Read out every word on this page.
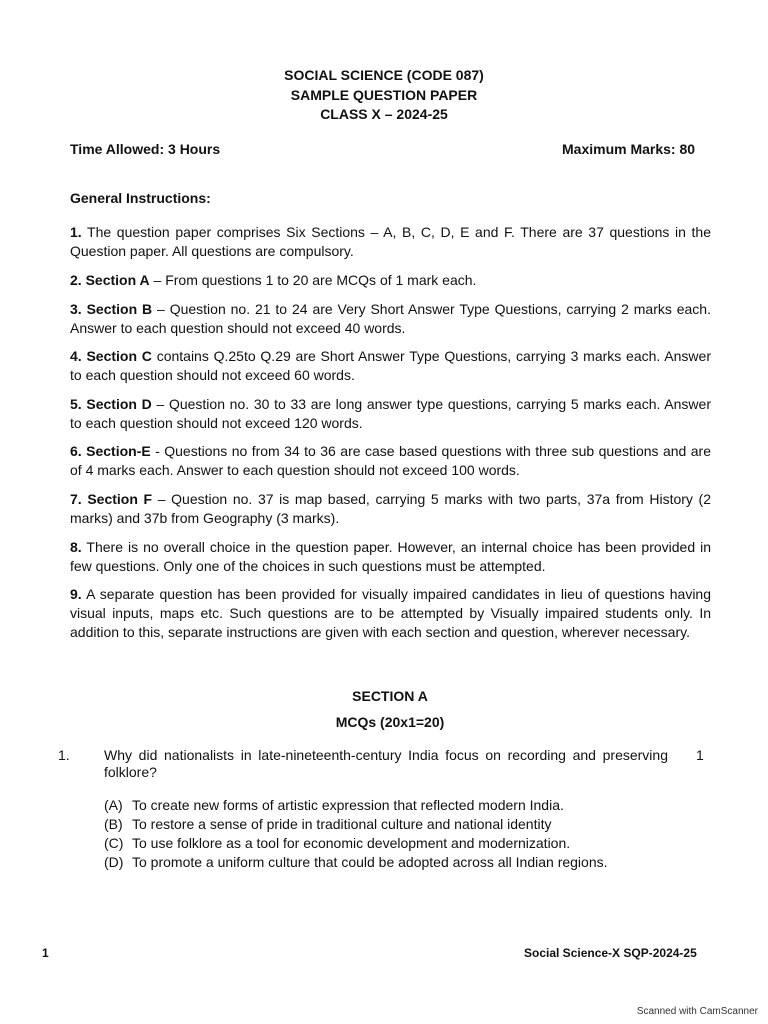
SOCIAL SCIENCE (CODE 087)
SAMPLE QUESTION PAPER
CLASS X – 2024-25
Time Allowed: 3 Hours	Maximum Marks: 80
General Instructions:
1. The question paper comprises Six Sections – A, B, C, D, E and F. There are 37 questions in the Question paper. All questions are compulsory.
2. Section A – From questions 1 to 20 are MCQs of 1 mark each.
3. Section B – Question no. 21 to 24 are Very Short Answer Type Questions, carrying 2 marks each. Answer to each question should not exceed 40 words.
4. Section C contains Q.25to Q.29 are Short Answer Type Questions, carrying 3 marks each. Answer to each question should not exceed 60 words.
5. Section D – Question no. 30 to 33 are long answer type questions, carrying 5 marks each. Answer to each question should not exceed 120 words.
6. Section-E - Questions no from 34 to 36 are case based questions with three sub questions and are of 4 marks each. Answer to each question should not exceed 100 words.
7. Section F – Question no. 37 is map based, carrying 5 marks with two parts, 37a from History (2 marks) and 37b from Geography (3 marks).
8. There is no overall choice in the question paper. However, an internal choice has been provided in few questions. Only one of the choices in such questions must be attempted.
9. A separate question has been provided for visually impaired candidates in lieu of questions having visual inputs, maps etc. Such questions are to be attempted by Visually impaired students only. In addition to this, separate instructions are given with each section and question, wherever necessary.
SECTION A
MCQs (20x1=20)
1. Why did nationalists in late-nineteenth-century India focus on recording and preserving folklore?
1
(A) To create new forms of artistic expression that reflected modern India.
(B) To restore a sense of pride in traditional culture and national identity
(C) To use folklore as a tool for economic development and modernization.
(D) To promote a uniform culture that could be adopted across all Indian regions.
1	Social Science-X SQP-2024-25
Scanned with CamScanner
